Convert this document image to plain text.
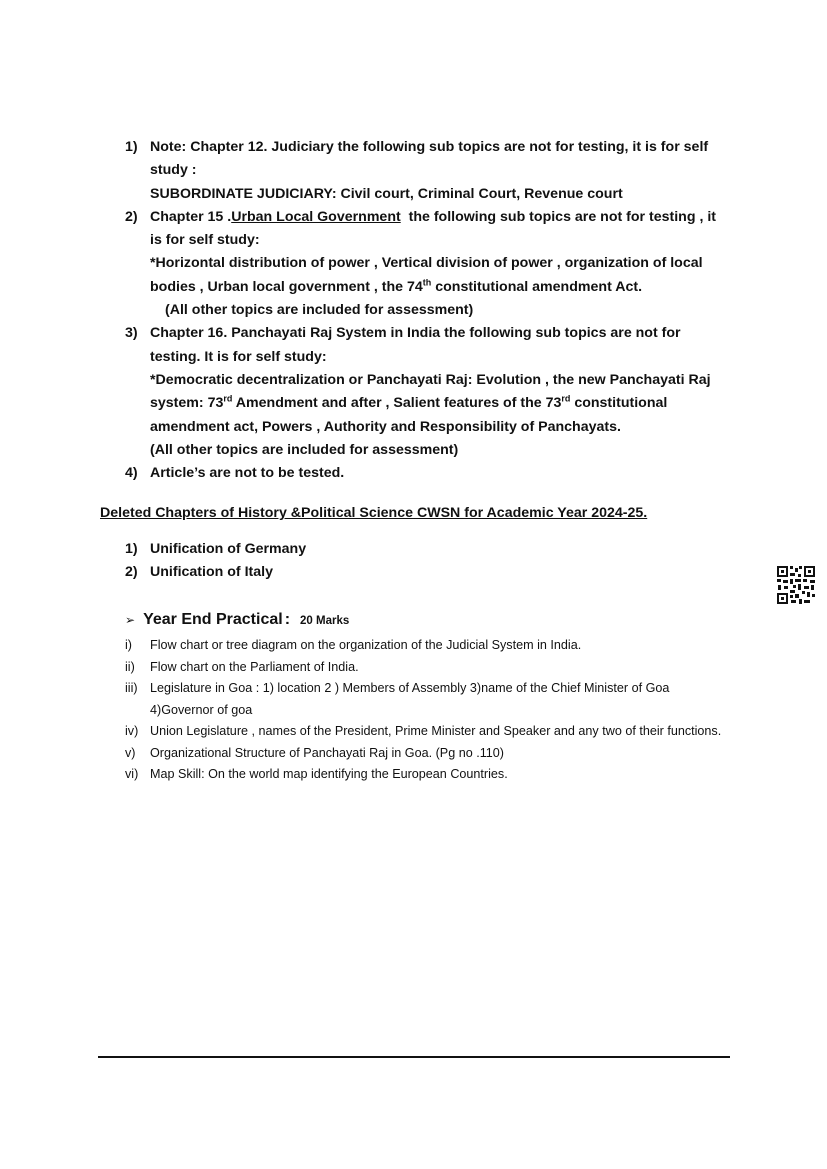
1) Note: Chapter 12. Judiciary the following sub topics are not for testing, it is for self study :
SUBORDINATE JUDICIARY: Civil court, Criminal Court, Revenue court
2) Chapter 15 .Urban Local Government  the following sub topics are not for testing , it is for self study:
*Horizontal distribution of power , Vertical division of power , organization of local bodies , Urban local government , the 74th constitutional amendment Act.

(All other topics are included for assessment)
3) Chapter 16. Panchayati Raj System in India the following sub topics are not for testing. It is for self study:
*Democratic decentralization or Panchayati Raj: Evolution , the new Panchayati Raj system: 73rd Amendment and after , Salient features of the 73rd constitutional amendment act, Powers , Authority and Responsibility of Panchayats.
(All other topics are included for assessment)
4) Article’s are not to be tested.
Deleted Chapters of History &Political Science CWSN for Academic Year 2024-25.
1) Unification of Germany
2) Unification of Italy
➢ Year End Practical : 20 Marks
i) Flow chart or tree diagram on the organization of the Judicial System in India.
ii) Flow chart on the Parliament of India.
iii) Legislature in Goa : 1) location 2 ) Members of Assembly 3)name of the Chief Minister of Goa 4)Governor of goa
iv) Union Legislature , names of the President, Prime Minister and Speaker and any two of their functions.
v) Organizational Structure of Panchayati Raj in Goa. (Pg no .110)
vi) Map Skill: On the world map identifying the European Countries.
